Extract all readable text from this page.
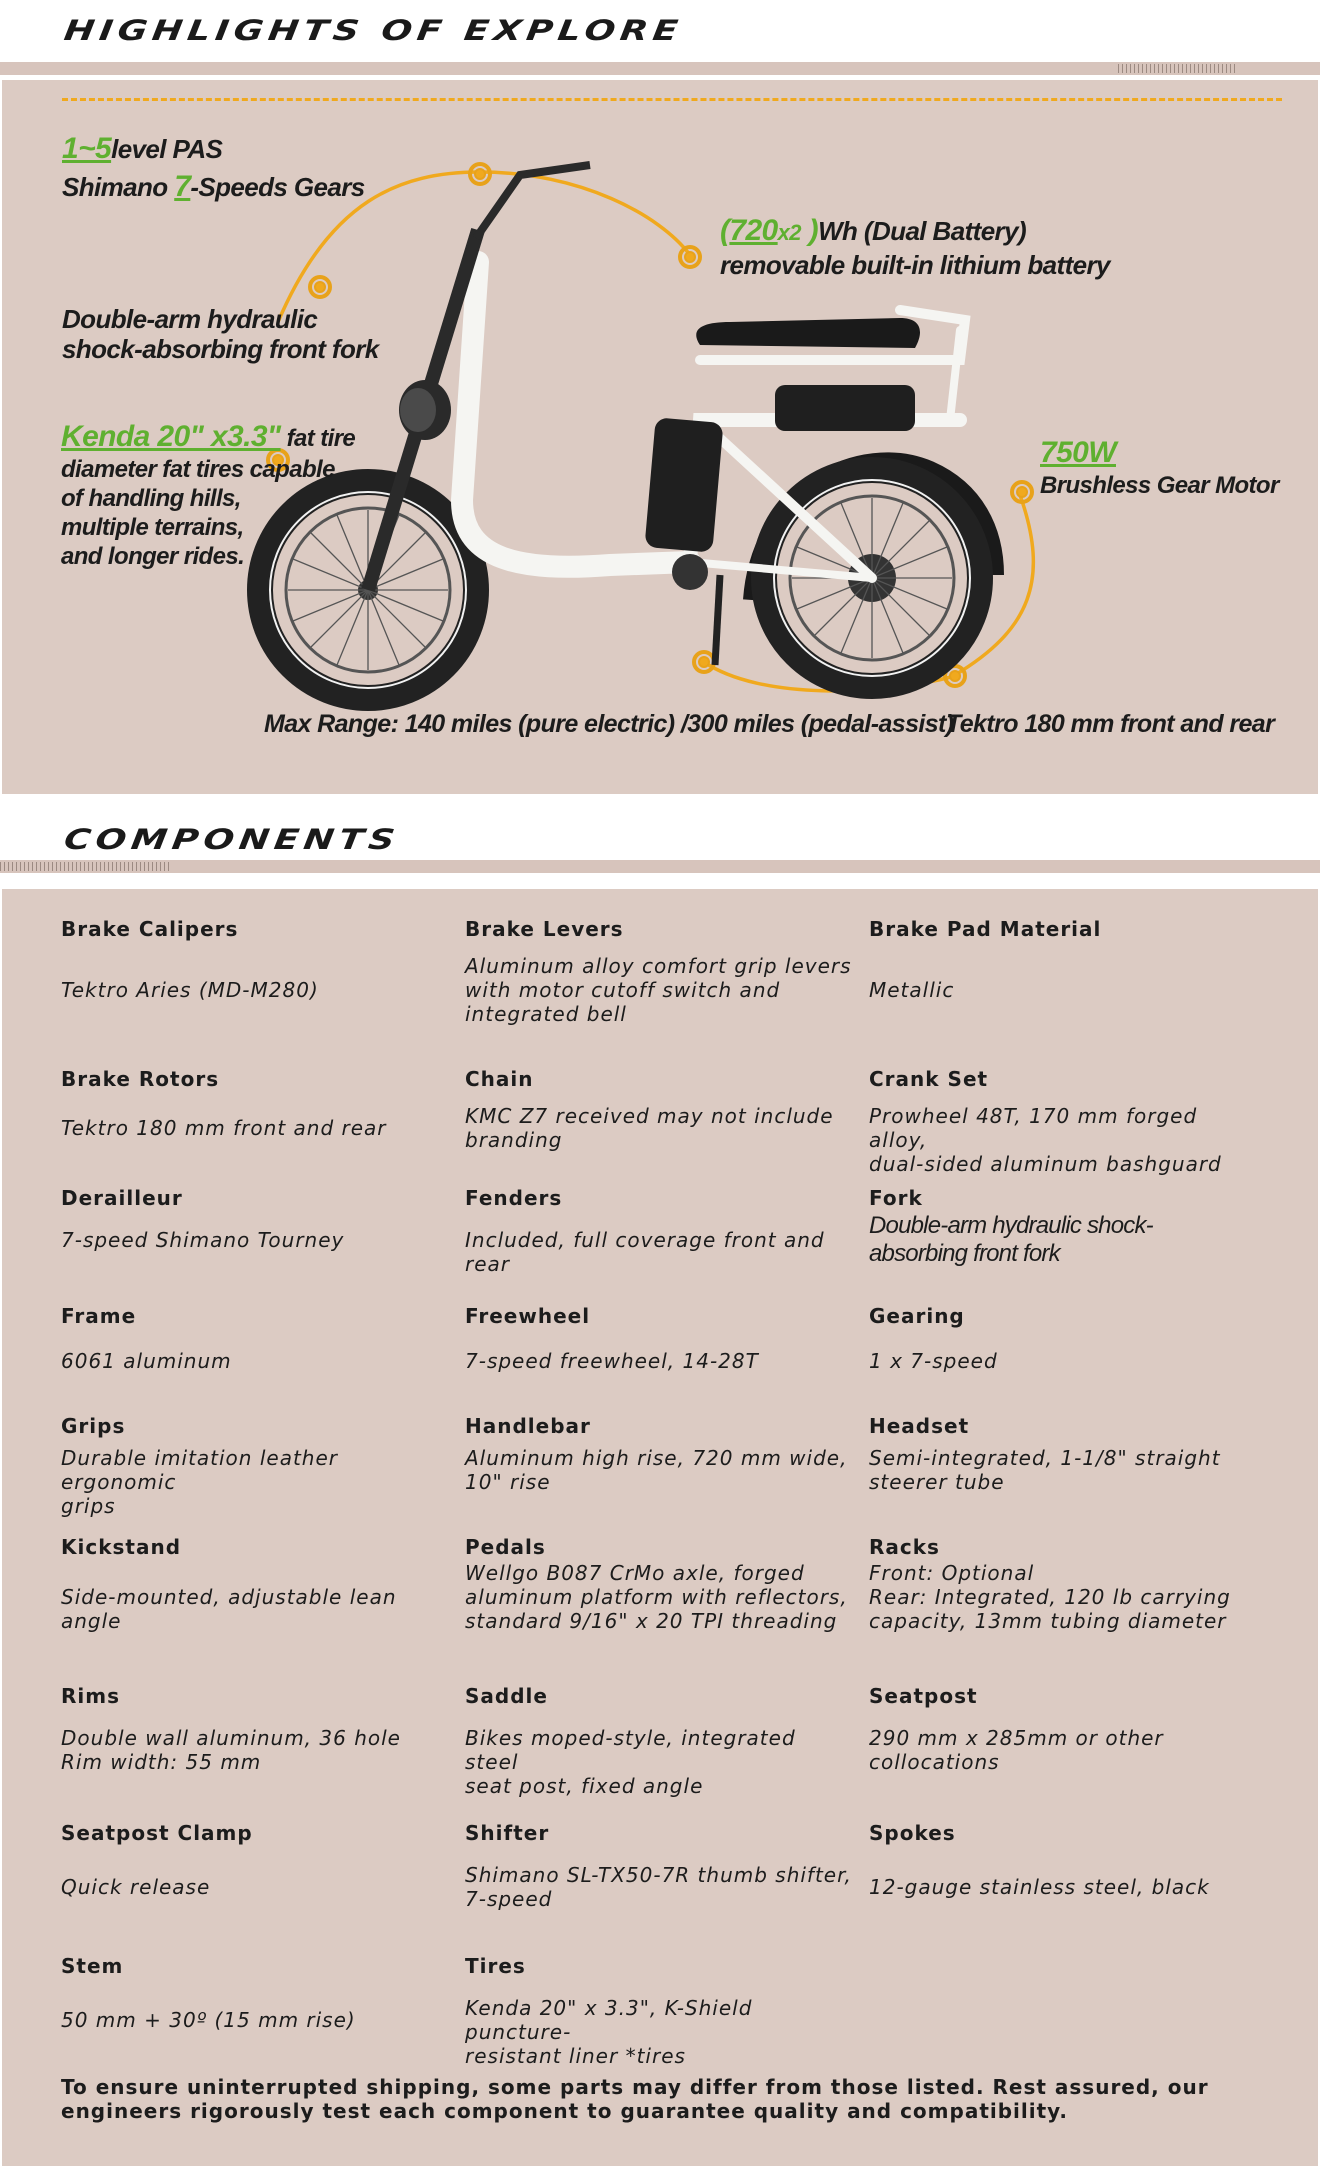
HIGHLIGHTS OF EXPLORE
1~5level PAS
Shimano 7-Speeds Gears
(720x2 )Wh (Dual Battery)
removable built-in lithium battery
Double-arm hydraulic
shock-absorbing front fork
Kenda 20" x3.3" fat tire
diameter fat tires capable
of handling hills,
multiple terrains,
and longer rides.
750W
Brushless Gear Motor
Max Range: 140 miles (pure electric) /300 miles (pedal-assist)
Tektro 180 mm front and rear
COMPONENTS
Brake Calipers
Tektro Aries (MD-M280)
Brake Levers
Aluminum alloy comfort grip levers
with motor cutoff switch and
integrated bell
Brake Pad Material
Metallic
Brake Rotors
Tektro 180 mm front and rear
Chain
KMC Z7 received may not include
branding
Crank Set
Prowheel 48T, 170 mm forged alloy,
dual-sided aluminum bashguard
Derailleur
7-speed Shimano Tourney
Fenders
Included, full coverage front and rear
Fork
Double-arm hydraulic shock-
absorbing front fork
Frame
6061 aluminum
Freewheel
7-speed freewheel, 14-28T
Gearing
1 x 7-speed
Grips
Durable imitation leather ergonomic
grips
Handlebar
Aluminum high rise, 720 mm wide,
10" rise
Headset
Semi-integrated, 1-1/8" straight
steerer tube
Kickstand
Side-mounted, adjustable lean angle
Pedals
Wellgo B087 CrMo axle, forged
aluminum platform with reflectors,
standard 9/16" x 20 TPI threading
Racks
Front: Optional
Rear: Integrated, 120 lb carrying
capacity, 13mm tubing diameter
Rims
Double wall aluminum, 36 hole
Rim width: 55 mm
Saddle
Bikes moped-style, integrated steel
seat post, fixed angle
Seatpost
290 mm x 285mm or other
collocations
Seatpost Clamp
Quick release
Shifter
Shimano SL-TX50-7R thumb shifter,
7-speed
Spokes
12-gauge stainless steel, black
Stem
50 mm + 30º (15 mm rise)
Tires
Kenda 20" x 3.3", K-Shield puncture-
resistant liner *tires
To ensure uninterrupted shipping, some parts may differ from those listed. Rest assured, our engineers rigorously test each component to guarantee quality and compatibility.
